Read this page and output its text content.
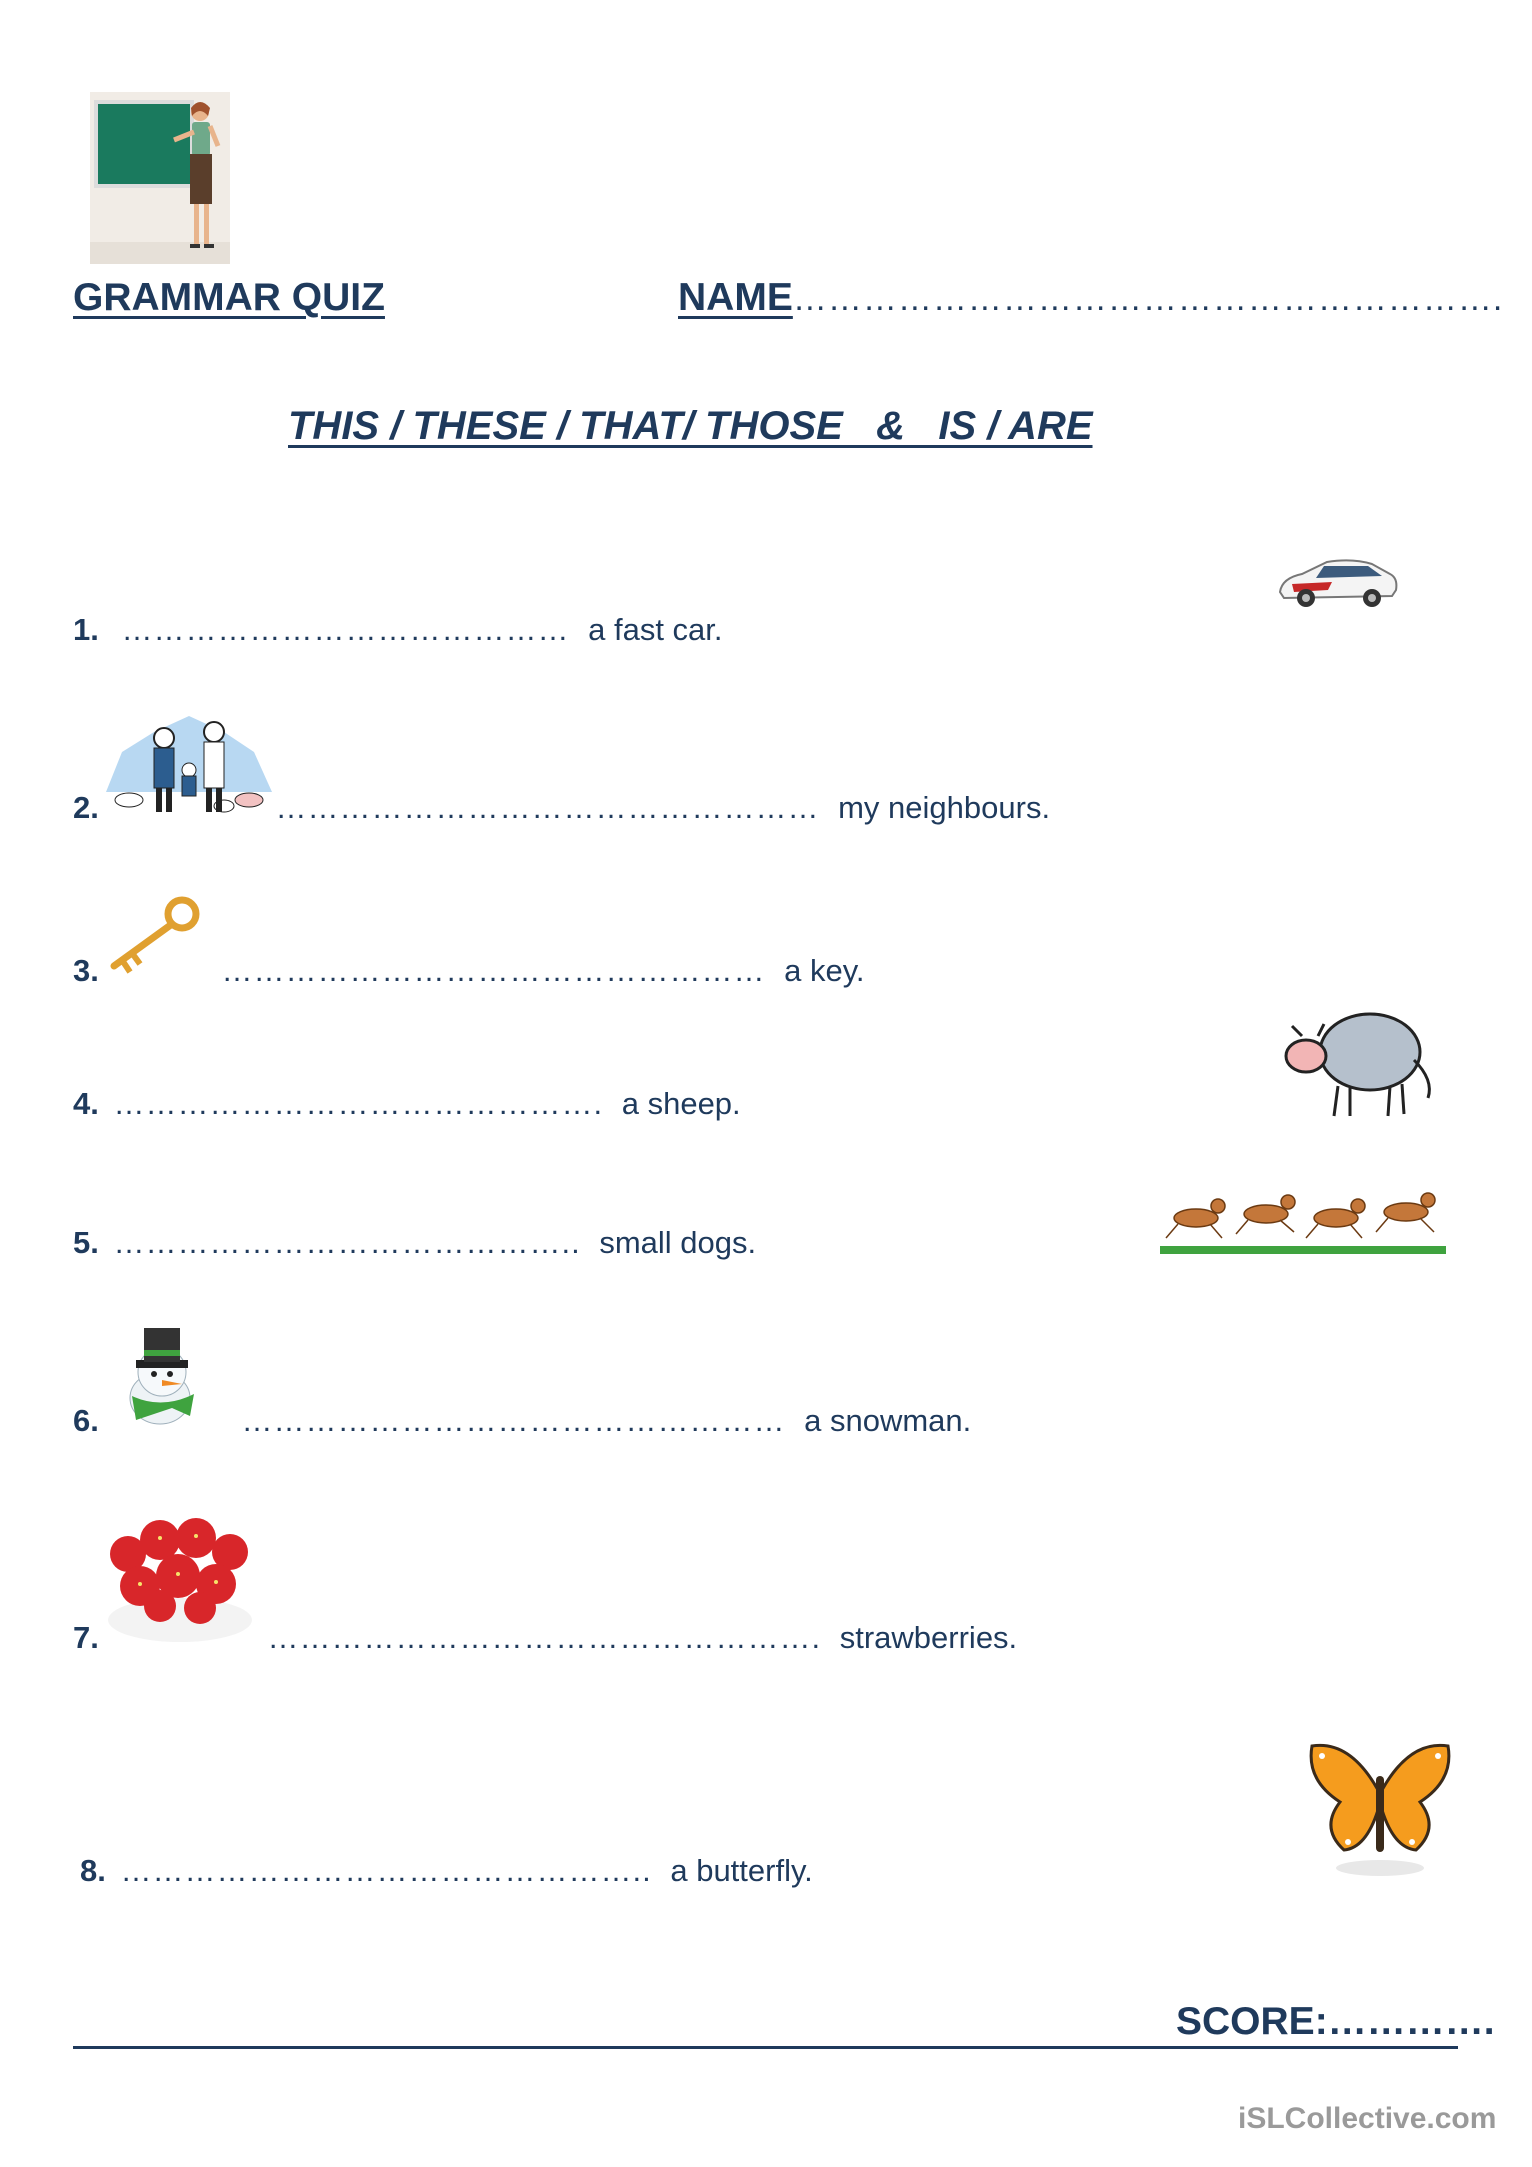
GRAMMAR QUIZ	NAME…………………………………………………….
THIS / THESE / THAT/ THOSE   &   IS / ARE
1. …………………………………… a fast car.
2.	…………………………………………… my neighbours.
3.	…………………………………………… a key.
4. ………………………………………. a sheep.
5. …………………………………….. small dogs.
6.	…………………………………………… a snowman.
7.	……………………………………………. strawberries.
8. ………………………………………….. a butterfly.
SCORE:………….
iSLCollective.com
